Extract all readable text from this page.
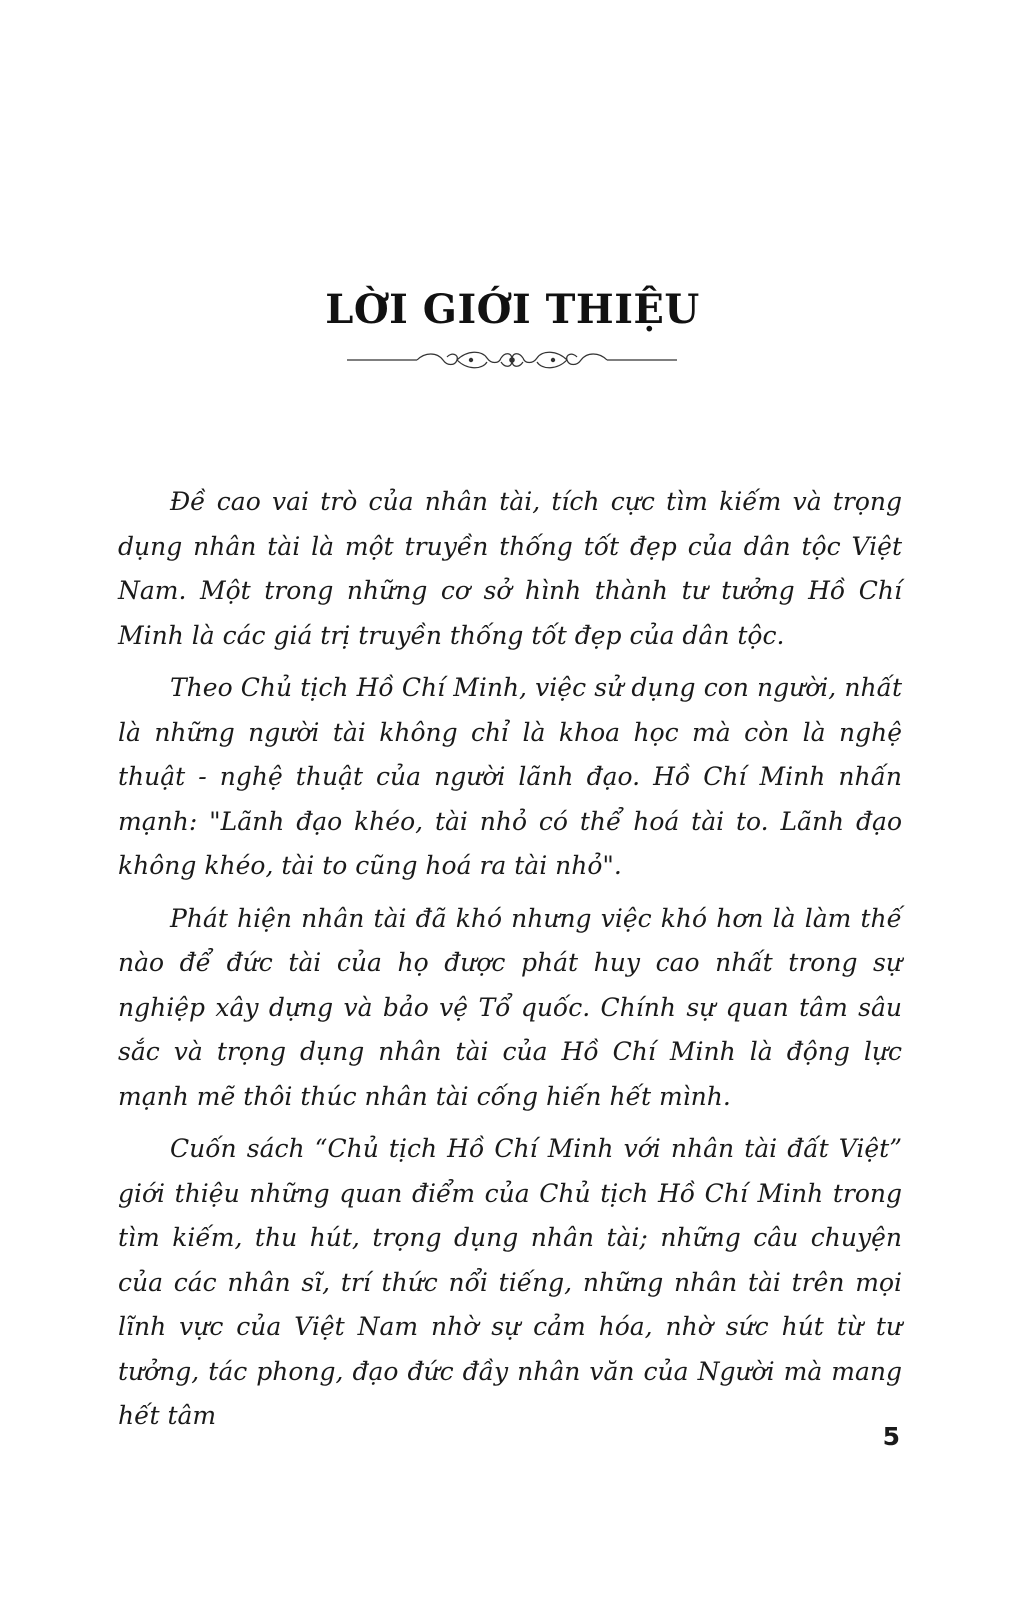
LỜI GIỚI THIỆU

Đề cao vai trò của nhân tài, tích cực tìm kiếm và trọng dụng nhân tài là một truyền thống tốt đẹp của dân tộc Việt Nam. Một trong những cơ sở hình thành tư tưởng Hồ Chí Minh là các giá trị truyền thống tốt đẹp của dân tộc.

Theo Chủ tịch Hồ Chí Minh, việc sử dụng con người, nhất là những người tài không chỉ là khoa học mà còn là nghệ thuật - nghệ thuật của người lãnh đạo. Hồ Chí Minh nhấn mạnh: "Lãnh đạo khéo, tài nhỏ có thể hoá tài to. Lãnh đạo không khéo, tài to cũng hoá ra tài nhỏ".

Phát hiện nhân tài đã khó nhưng việc khó hơn là làm thế nào để đức tài của họ được phát huy cao nhất trong sự nghiệp xây dựng và bảo vệ Tổ quốc. Chính sự quan tâm sâu sắc và trọng dụng nhân tài của Hồ Chí Minh là động lực mạnh mẽ thôi thúc nhân tài cống hiến hết mình.

Cuốn sách “Chủ tịch Hồ Chí Minh với nhân tài đất Việt” giới thiệu những quan điểm của Chủ tịch Hồ Chí Minh trong tìm kiếm, thu hút, trọng dụng nhân tài; những câu chuyện của các nhân sĩ, trí thức nổi tiếng, những nhân tài trên mọi lĩnh vực của Việt Nam nhờ sự cảm hóa, nhờ sức hút từ tư tưởng, tác phong, đạo đức đầy nhân văn của Người mà mang hết tâm

5
